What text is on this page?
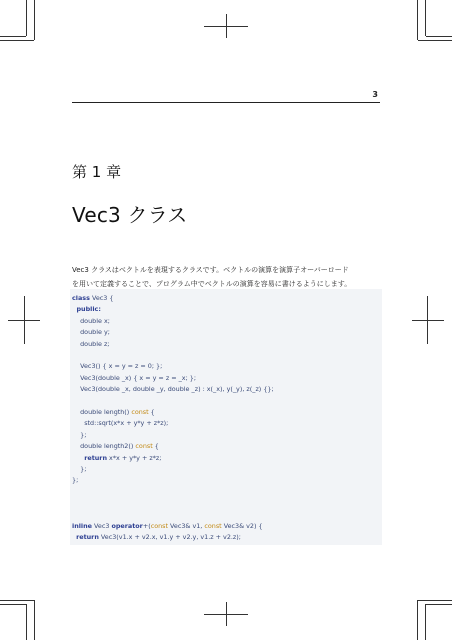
3
第 1 章
Vec3 クラス
Vec3 クラスはベクトルを表現するクラスです。ベクトルの演算を演算子オーバーロード
を用いて定義することで、プログラム中でベクトルの演算を容易に書けるようにします。
class Vec3 {
public:
double x;
double y;
double z;
Vec3() { x = y = z = 0; };
Vec3(double _x) { x = y = z = _x; };
Vec3(double _x, double _y, double _z) : x(_x), y(_y), z(_z) {};
double length() const {
std::sqrt(x*x + y*y + z*z);
};
double length2() const {
return x*x + y*y + z*z;
};
};
inline Vec3 operator+(const Vec3& v1, const Vec3& v2) {
return Vec3(v1.x + v2.x, v1.y + v2.y, v1.z + v2.z);
